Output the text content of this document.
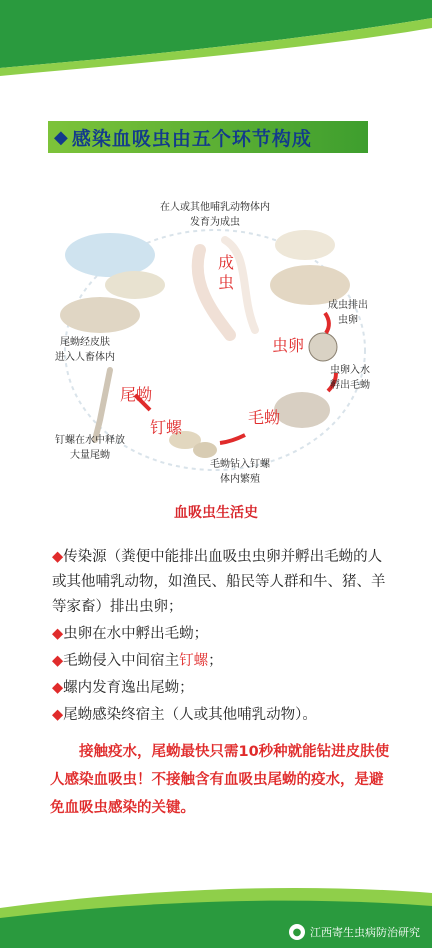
◆ 感染血吸虫由五个环节构成
在人或其他哺乳动物体内
发育为成虫
成虫排出
虫卵
虫卵入水
孵出毛蚴
毛蚴钻入钉螺
体内繁殖
钉螺在水中释放
大量尾蚴
尾蚴经皮肤
进入人畜体内
成
虫
虫卵
毛蚴
钉螺
尾蚴
血吸虫生活史
◆传染源（粪便中能排出血吸虫虫卵并孵出毛蚴的人或其他哺乳动物，如渔民、船民等人群和牛、猪、羊等家畜）排出虫卵；
◆虫卵在水中孵出毛蚴；
◆毛蚴侵入中间宿主钉螺；
◆螺内发育逸出尾蚴；
◆尾蚴感染终宿主（人或其他哺乳动物）。
接触疫水，尾蚴最快只需10秒种就能钻进皮肤使人感染血吸虫！不接触含有血吸虫尾蚴的疫水，是避免血吸虫感染的关键。
● 江西寄生虫病防治研究
